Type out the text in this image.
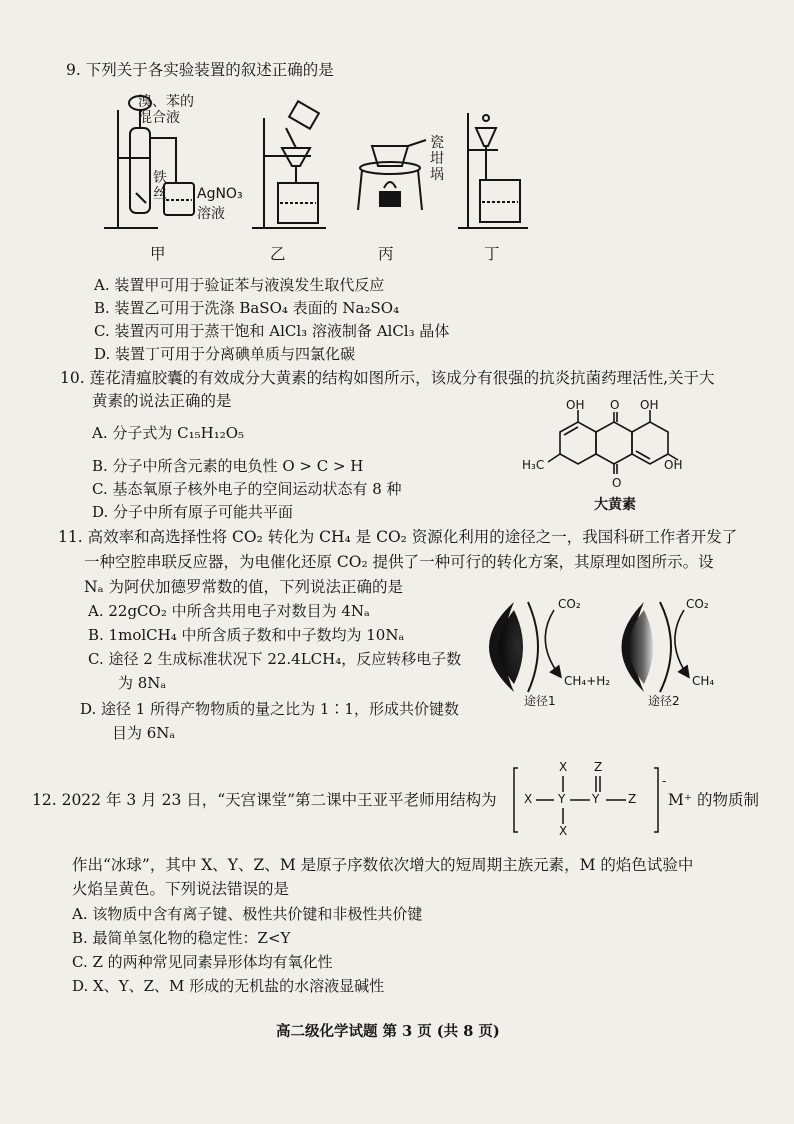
9. 下列关于各实验装置的叙述正确的是
溴、苯的
混合液
铁
丝 AgNO₃
溶液
瓷
坩
埚
甲	乙	丙	丁
A. 装置甲可用于验证苯与液溴发生取代反应
B. 装置乙可用于洗涤 BaSO₄ 表面的 Na₂SO₄
C. 装置丙可用于蒸干饱和 AlCl₃ 溶液制备 AlCl₃ 晶体
D. 装置丁可用于分离碘单质与四氯化碳
10. 莲花清瘟胶囊的有效成分大黄素的结构如图所示，该成分有很强的抗炎抗菌药理活性,关于大
黄素的说法正确的是
A. 分子式为 C₁₅H₁₂O₅
B. 分子中所含元素的电负性 O > C > H
C. 基态氧原子核外电子的空间运动状态有 8 种
D. 分子中所有原子可能共平面
OH O OH
H₃C	OH
O
大黄素
11. 高效率和高选择性将 CO₂ 转化为 CH₄ 是 CO₂ 资源化利用的途径之一，我国科研工作者开发了
一种空腔串联反应器，为电催化还原 CO₂ 提供了一种可行的转化方案，其原理如图所示。设
Nₐ 为阿伏加德罗常数的值，下列说法正确的是
A. 22gCO₂ 中所含共用电子对数目为 4Nₐ
B. 1molCH₄ 中所含质子数和中子数均为 10Nₐ
C. 途径 2 生成标准状况下 22.4LCH₄，反应转移电子数
为 8Nₐ
D. 途径 1 所得产物物质的量之比为 1∶1，形成共价键数
目为 6Nₐ
CO₂
CH₄+H₂
途径1
CO₂
CH₄
途径2
12. 2022 年 3 月 23 日，“天宫课堂”第二课中王亚平老师用结构为 X Y Y Z
X
X
Z
-
M⁺ 的物质制
作出“冰球”，其中 X、Y、Z、M 是原子序数依次增大的短周期主族元素，M 的焰色试验中
火焰呈黄色。下列说法错误的是
A. 该物质中含有离子键、极性共价键和非极性共价键
B. 最简单氢化物的稳定性：Z<Y
C. Z 的两种常见同素异形体均有氧化性
D. X、Y、Z、M 形成的无机盐的水溶液显碱性
高二级化学试题 第 3 页 (共 8 页)
